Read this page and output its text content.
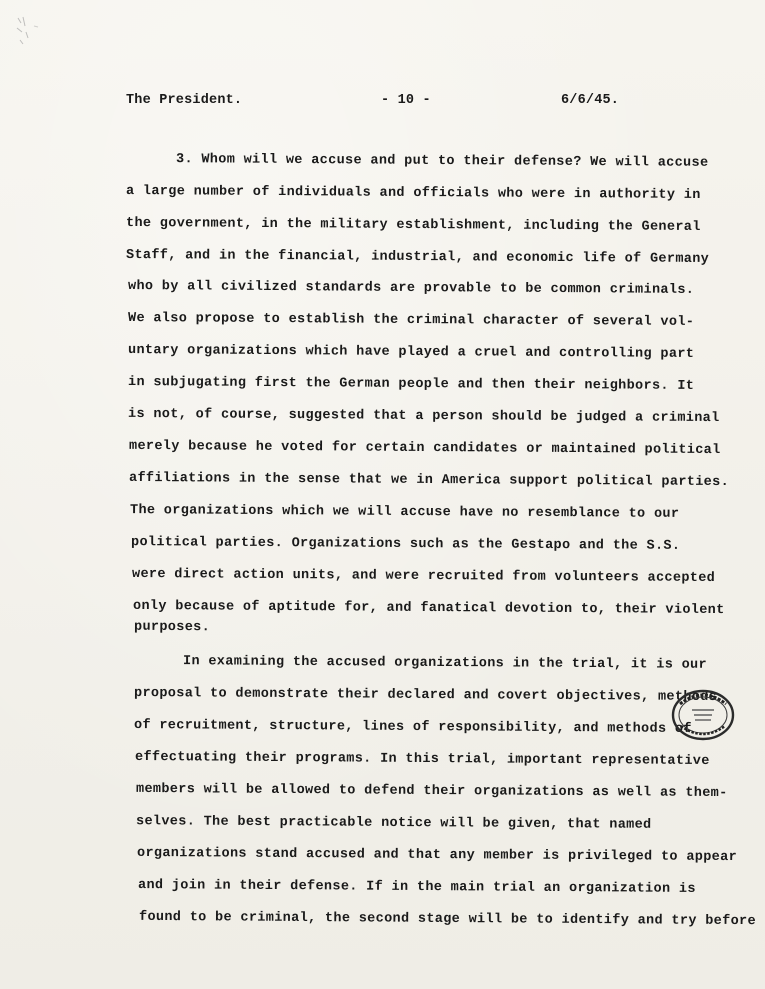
The President.	- 10 -	6/6/45.
3. Whom will we accuse and put to their defense? We will accuse
a large number of individuals and officials who were in authority in
the government, in the military establishment, including the General
Staff, and in the financial, industrial, and economic life of Germany
who by all civilized standards are provable to be common criminals.
We also propose to establish the criminal character of several vol-
untary organizations which have played a cruel and controlling part
in subjugating first the German people and then their neighbors. It
is not, of course, suggested that a person should be judged a criminal
merely because he voted for certain candidates or maintained political
affiliations in the sense that we in America support political parties.
The organizations which we will accuse have no resemblance to our
political parties. Organizations such as the Gestapo and the S.S.
were direct action units, and were recruited from volunteers accepted
only because of aptitude for, and fanatical devotion to, their violent
purposes.
In examining the accused organizations in the trial, it is our
proposal to demonstrate their declared and covert objectives, methods
of recruitment, structure, lines of responsibility, and methods of
effectuating their programs. In this trial, important representative
members will be allowed to defend their organizations as well as them-
selves. The best practicable notice will be given, that named
organizations stand accused and that any member is privileged to appear
and join in their defense. If in the main trial an organization is
found to be criminal, the second stage will be to identify and try before
